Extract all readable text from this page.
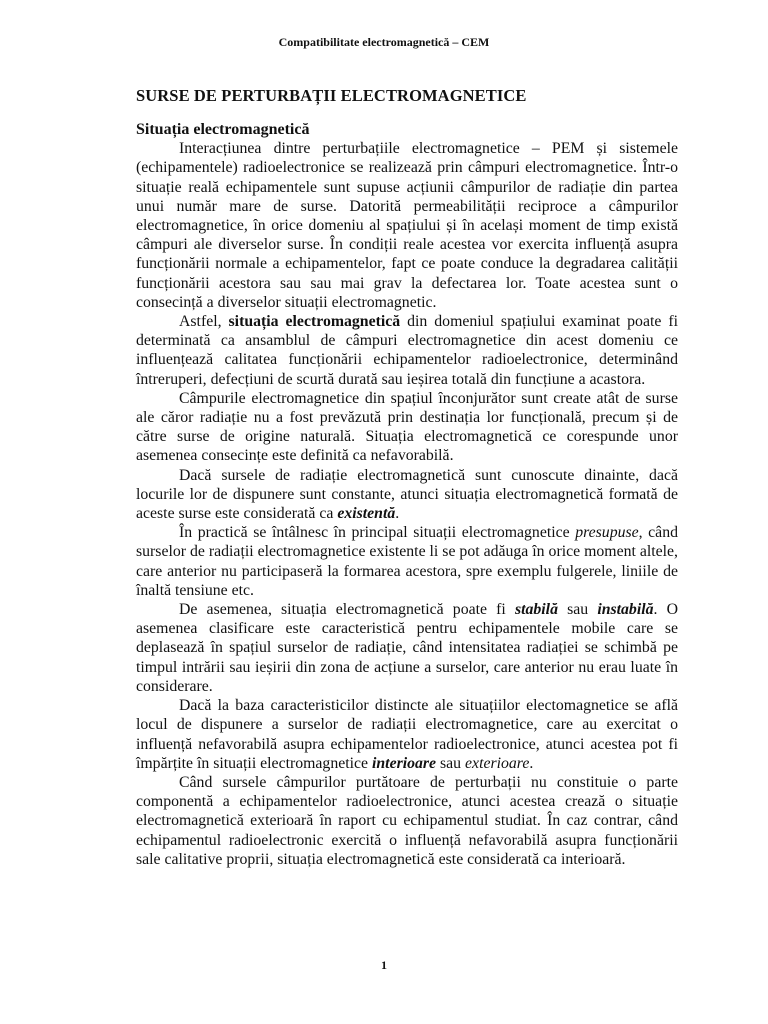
Compatibilitate electromagnetică – CEM
SURSE DE PERTURBAȚII ELECTROMAGNETICE
Situația electromagnetică

Interacțiunea dintre perturbațiile electromagnetice – PEM și sistemele (echipamentele) radioelectronice se realizează prin câmpuri electromagnetice. Într-o situație reală echipamentele sunt supuse acțiunii câmpurilor de radiație din partea unui număr mare de surse. Datorită permeabilității reciproce a câmpurilor electromagnetice, în orice domeniu al spațiului și în același moment de timp există câmpuri ale diverselor surse. În condiții reale acestea vor exercita influență asupra funcționării normale a echipamentelor, fapt ce poate conduce la degradarea calității funcționării acestora sau sau mai grav la defectarea lor. Toate acestea sunt o consecință a diverselor situații electromagnetic.

Astfel, situația electromagnetică din domeniul spațiului examinat poate fi determinată ca ansamblul de câmpuri electromagnetice din acest domeniu ce influențează calitatea funcționării echipamentelor radioelectronice, determinând întreruperi, defecțiuni de scurtă durată sau ieșirea totală din funcțiune a acastora.

Câmpurile electromagnetice din spațiul înconjurător sunt create atât de surse ale căror radiație nu a fost prevăzută prin destinația lor funcțională, precum și de către surse de origine naturală. Situația electromagnetică ce corespunde unor asemenea consecințe este definită ca nefavorabilă.

Dacă sursele de radiație electromagnetică sunt cunoscute dinainte, dacă locurile lor de dispunere sunt constante, atunci situația electromagnetică formată de aceste surse este considerată ca existentă.

În practică se întâlnesc în principal situații electromagnetice presupuse, când surselor de radiații electromagnetice existente li se pot adăuga în orice moment altele, care anterior nu participaseră la formarea acestora, spre exemplu fulgerele, liniile de înaltă tensiune etc.

De asemenea, situația electromagnetică poate fi stabilă sau instabilă. O asemenea clasificare este caracteristică pentru echipamentele mobile care se deplasează în spațiul surselor de radiație, când intensitatea radiației se schimbă pe timpul intrării sau ieșirii din zona de acțiune a surselor, care anterior nu erau luate în considerare.

Dacă la baza caracteristicilor distincte ale situațiilor electomagnetice se află locul de dispunere a surselor de radiații electromagnetice, care au exercitat o influență nefavorabilă asupra echipamentelor radioelectronice, atunci acestea pot fi împărțite în situații electromagnetice interioare sau exterioare.

Când sursele câmpurilor purtătoare de perturbații nu constituie o parte componentă a echipamentelor radioelectronice, atunci acestea crează o situație electromagnetică exterioară în raport cu echipamentul studiat. În caz contrar, când echipamentul radioelectronic exercită o influență nefavorabilă asupra funcționării sale calitative proprii, situația electromagnetică este considerată ca interioară.

1
